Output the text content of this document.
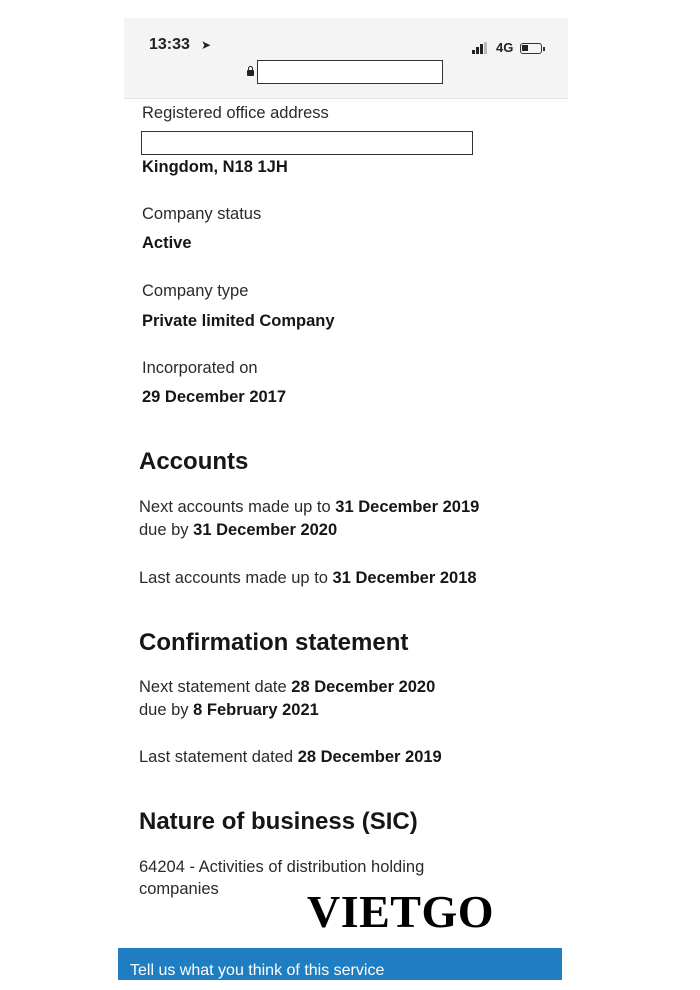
13:33 ➤	4G
Registered office address
Kingdom, N18 1JH
Company status
Active
Company type
Private limited Company
Incorporated on
29 December 2017
Accounts
Next accounts made up to 31 December 2019
due by 31 December 2020
Last accounts made up to 31 December 2018
Confirmation statement
Next statement date 28 December 2020
due by 8 February 2021
Last statement dated 28 December 2019
Nature of business (SIC)
64204 - Activities of distribution holding
companies
Tell us what you think of this service
VIETGO
